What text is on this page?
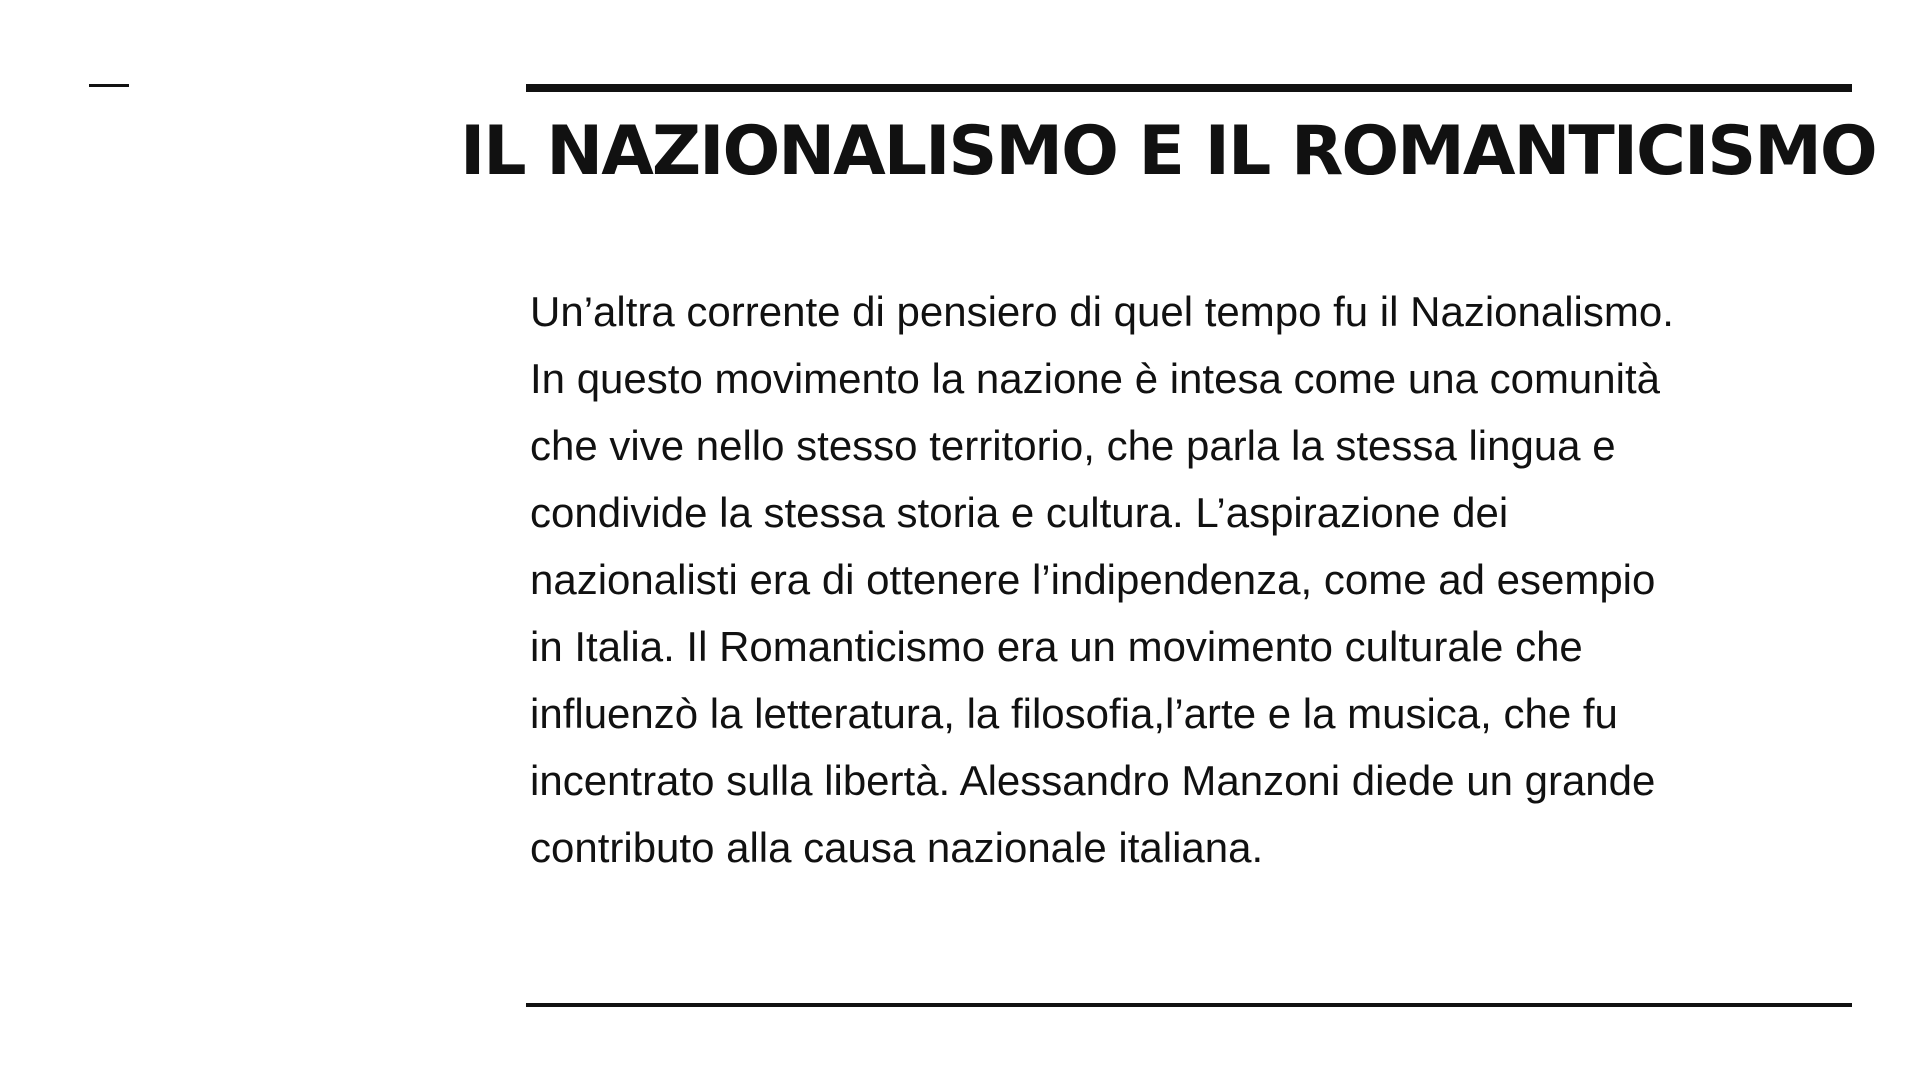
IL NAZIONALISMO E IL ROMANTICISMO
Un’altra corrente di pensiero di quel tempo fu il Nazionalismo.
In questo movimento la nazione è intesa come una comunità
che vive nello stesso territorio, che parla la stessa lingua e
condivide la stessa storia e cultura. L’aspirazione dei
nazionalisti era di ottenere l’indipendenza, come ad esempio
in Italia. Il Romanticismo era un movimento culturale che
influenzò la letteratura, la filosofia,l’arte e la musica, che fu
incentrato sulla libertà. Alessandro Manzoni diede un grande
contributo alla causa nazionale italiana.
